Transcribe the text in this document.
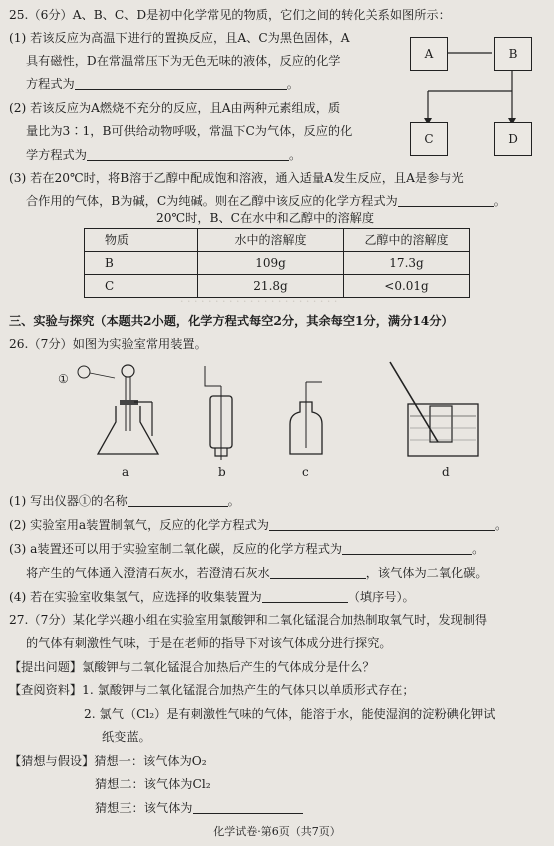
· · · · · · · · · · · · · · · · · · · · · · ·
25.（6分）A、B、C、D是初中化学常见的物质，它们之间的转化关系如图所示：
(1) 若该反应为高温下进行的置换反应，且A、C为黑色固体，A
具有磁性，D在常温常压下为无色无味的液体，反应的化学
方程式为	。
(2) 若该反应为A燃烧不充分的反应，且A由两种元素组成，质
量比为3∶1，B可供给动物呼吸，常温下C为气体，反应的化
学方程式为	。
(3) 若在20℃时，将B溶于乙醇中配成饱和溶液，通入适量A发生反应，且A是参与光
合作用的气体，B为碱，C为纯碱。则在乙醇中该反应的化学方程式为	。
A	B
C	D
20℃时，B、C在水中和乙醇中的溶解度
物质	水中的溶解度	乙醇中的溶解度
B	109g	17.3g
C	21.8g	<0.01g
三、实验与探究（本题共2小题，化学方程式每空2分，其余每空1分，满分14分）
26.（7分）如图为实验室常用装置。
①
a	b	c	d
(1) 写出仪器①的名称	。
(2) 实验室用a装置制氧气，反应的化学方程式为	。
(3) a装置还可以用于实验室制二氧化碳，反应的化学方程式为	。
将产生的气体通入澄清石灰水，若澄清石灰水	，该气体为二氧化碳。
(4) 若在实验室收集氢气，应选择的收集装置为	（填序号）。
27.（7分）某化学兴趣小组在实验室用氯酸钾和二氧化锰混合加热制取氧气时，发现制得
的气体有刺激性气味，于是在老师的指导下对该气体成分进行探究。
【提出问题】氯酸钾与二氧化锰混合加热后产生的气体成分是什么？
【查阅资料】1. 氯酸钾与二氧化锰混合加热产生的气体只以单质形式存在；
2. 氯气（Cl₂）是有刺激性气味的气体，能溶于水，能使湿润的淀粉碘化钾试
纸变蓝。
【猜想与假设】猜想一：该气体为O₂
猜想二：该气体为Cl₂
猜想三：该气体为
化学试卷·第6页（共7页）
